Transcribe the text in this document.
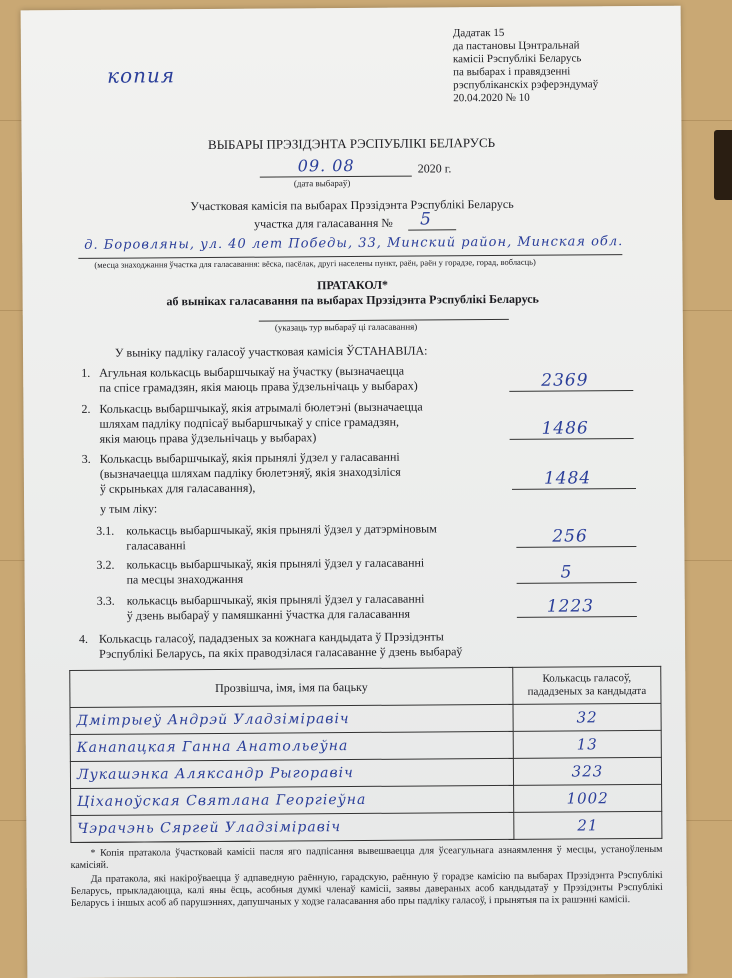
Дадатак 15
да пастановы Цэнтральнай
камісіі Рэспублікі Беларусь
па выбарах і правядзенні
рэспубліканскіх рэферэндумаў
20.04.2020 № 10
копия
ВЫБАРЫ ПРЭЗІДЭНТА РЭСПУБЛІКІ БЕЛАРУСЬ
09. 08	2020 г.
(дата выбараў)
Участковая камісія па выбарах Прэзідэнта Рэспублікі Беларусь
участка для галасавання № 5
д. Боровляны, ул. 40 лет Победы, 33, Минский район, Минская обл.
(месца знаходжання ўчастка для галасавання: вёска, пасёлак, другі населены пункт, раён, раён у горадзе, горад, вобласць)
ПРАТАКОЛ*
аб выніках галасавання па выбарах Прэзідэнта Рэспублікі Беларусь
(указаць тур выбараў ці галасавання)
У выніку падліку галасоў участковая камісія ЎСТАНАВІЛА:
1. Агульная колькасць выбаршчыкаў на ўчастку (вызначаецца
па спісе грамадзян, якія маюць права ўдзельнічаць у выбарах)	2369
2. Колькасць выбаршчыкаў, якія атрымалі бюлетэні (вызначаецца
шляхам падліку подпісаў выбаршчыкаў у спісе грамадзян,
якія маюць права ўдзельнічаць у выбарах)	1486
3. Колькасць выбаршчыкаў, якія прынялі ўдзел у галасаванні
(вызначаецца шляхам падліку бюлетэняў, якія знаходзіліся
ў скрыньках для галасавання),	1484
у тым ліку:
3.1. колькасць выбаршчыкаў, якія прынялі ўдзел у датэрміновым
галасаванні	256
3.2. колькасць выбаршчыкаў, якія прынялі ўдзел у галасаванні
па месцы знаходжання	5
3.3. колькасць выбаршчыкаў, якія прынялі ўдзел у галасаванні
ў дзень выбараў у памяшканні ўчастка для галасавання	1223
4. Колькасць галасоў, пададзеных за кожнага кандыдата ў Прэзідэнты
Рэспублікі Беларусь, па якіх праводзілася галасаванне ў дзень выбараў
Прозвішча, імя, імя па бацьку	Колькасць галасоў, пададзеных за кандыдата
Дмітрыеў Андрэй Уладзіміравіч	32
Канапацкая Ганна Анатольеўна	13
Лукашэнка Аляксандр Рыгоравіч	323
Ціханоўская Святлана Георгіеўна	1002
Чэрачэнь Сяргей Уладзіміравіч	21
* Копія пратакола ўчастковай камісіі пасля яго падпісання вывешваецца для ўсеагульнага азнаямлення ў месцы, устаноўленым камісіяй.
Да пратакола, які накіроўваецца ў адпаведную раённую, гарадскую, раённую ў горадзе камісію па выбарах Прэзідэнта Рэспублікі Беларусь, прыкладаюцца, калі яны ёсць, асобныя думкі членаў камісіі, заявы давераных асоб кандыдатаў у Прэзідэнты Рэспублікі Беларусь і іншых асоб аб парушэннях, дапушчаных у ходзе галасавання або пры падліку галасоў, і прынятыя па іх рашэнні камісіі.
